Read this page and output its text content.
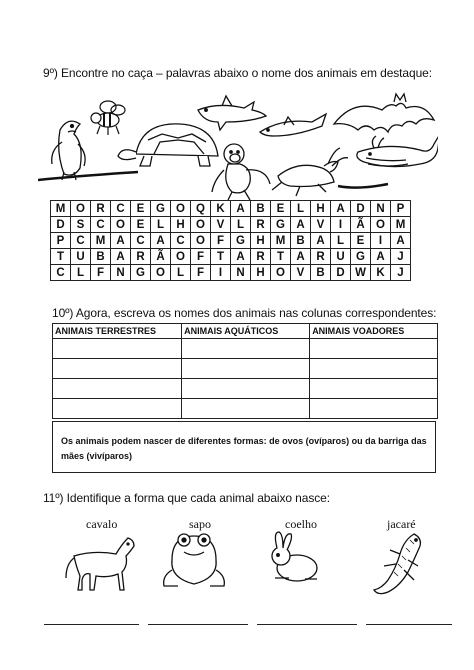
9º) Encontre no caça – palavras abaixo o nome dos animais em destaque:
M	O	R	C	E	G	O	Q	K	A	B	E	L	H	A	D	N	P
D	S	C	O	E	L	H	O	V	L	R	G	A	V	I	Ã	O	M
P	C	M	A	C	A	C	O	F	G	H	M	B	A	L	E	I	A
T	U	B	A	R	Ã	O	F	T	A	R	T	A	R	U	G	A	J
C	L	F	N	G	O	L	F	I	N	H	O	V	B	D	W	K	J
10º) Agora, escreva os nomes dos animais nas colunas correspondentes:
ANIMAIS TERRESTRES	ANIMAIS AQUÁTICOS	ANIMAIS VOADORES

Os animais podem nascer de diferentes formas: de ovos (ovíparos) ou da barriga das mães (vivíparos)
11º) Identifique a forma que cada animal abaixo nasce:
cavalo	sapo	coelho	jacaré
